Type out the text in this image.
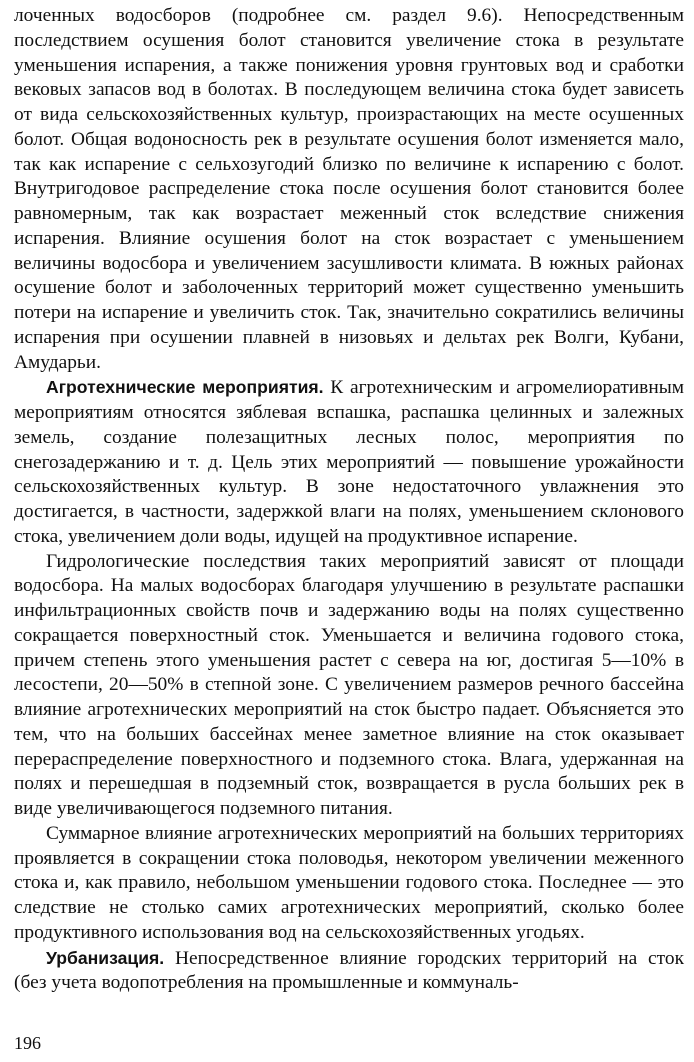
лоченных водосборов (подробнее см. раздел 9.6). Непосредственным последствием осушения болот становится увеличение стока в результате уменьшения испарения, а также понижения уровня грунтовых вод и сработки вековых запасов вод в болотах. В последующем величина стока будет зависеть от вида сельскохозяйственных культур, произрастающих на месте осушенных болот. Общая водоносность рек в результате осушения болот изменяется мало, так как испарение с сельхозугодий близко по величине к испарению с болот. Внутригодовое распределение стока после осушения болот становится более равномерным, так как возрастает меженный сток вследствие снижения испарения. Влияние осушения болот на сток возрастает с уменьшением величины водосбора и увеличением засушливости климата. В южных районах осушение болот и заболоченных территорий может существенно уменьшить потери на испарение и увеличить сток. Так, значительно сократились величины испарения при осушении плавней в низовьях и дельтах рек Волги, Кубани, Амударьи.

Агротехнические мероприятия. К агротехническим и агромелиоративным мероприятиям относятся зяблевая вспашка, распашка целинных и залежных земель, создание полезащитных лесных полос, мероприятия по снегозадержанию и т. д. Цель этих мероприятий — повышение урожайности сельскохозяйственных культур. В зоне недостаточного увлажнения это достигается, в частности, задержкой влаги на полях, уменьшением склонового стока, увеличением доли воды, идущей на продуктивное испарение.

Гидрологические последствия таких мероприятий зависят от площади водосбора. На малых водосборах благодаря улучшению в результате распашки инфильтрационных свойств почв и задержанию воды на полях существенно сокращается поверхностный сток. Уменьшается и величина годового стока, причем степень этого уменьшения растет с севера на юг, достигая 5—10% в лесостепи, 20—50% в степной зоне. С увеличением размеров речного бассейна влияние агротехнических мероприятий на сток быстро падает. Объясняется это тем, что на больших бассейнах менее заметное влияние на сток оказывает перераспределение поверхностного и подземного стока. Влага, удержанная на полях и перешедшая в подземный сток, возвращается в русла больших рек в виде увеличивающегося подземного питания.

Суммарное влияние агротехнических мероприятий на больших территориях проявляется в сокращении стока половодья, некотором увеличении меженного стока и, как правило, небольшом уменьшении годового стока. Последнее — это следствие не столько самих агротехнических мероприятий, сколько более продуктивного использования вод на сельскохозяйственных угодьях.

Урбанизация. Непосредственное влияние городских территорий на сток (без учета водопотребления на промышленные и коммуналь-

196
